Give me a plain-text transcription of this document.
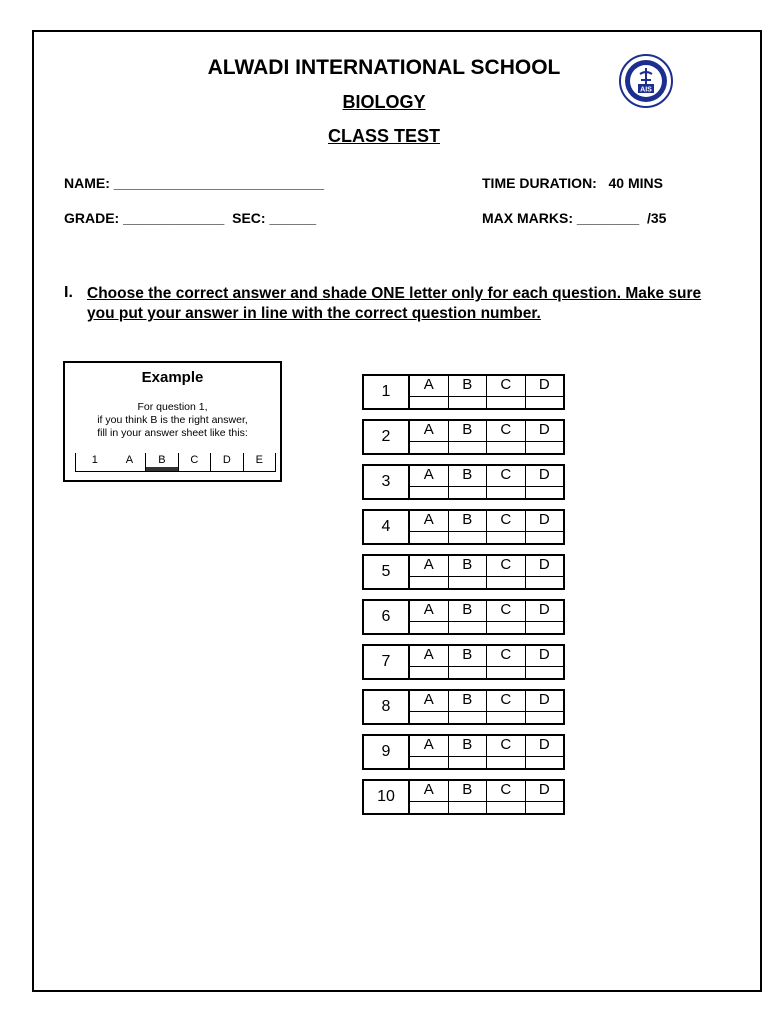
ALWADI INTERNATIONAL SCHOOL
BIOLOGY
CLASS TEST
AIS
NAME: ___________________________	TIME DURATION:   40 MINS
GRADE: _____________  SEC: ______	MAX MARKS: ________  /35
I. Choose the correct answer and shade ONE letter only for each question. Make sure you put your answer in line with the correct question number.
Example
For question 1,
if you think B is the right answer,
fill in your answer sheet like this:
1	A	B	C	D	E
1	A	B	C	D
2	A	B	C	D
3	A	B	C	D
4	A	B	C	D
5	A	B	C	D
6	A	B	C	D
7	A	B	C	D
8	A	B	C	D
9	A	B	C	D
10	A	B	C	D
